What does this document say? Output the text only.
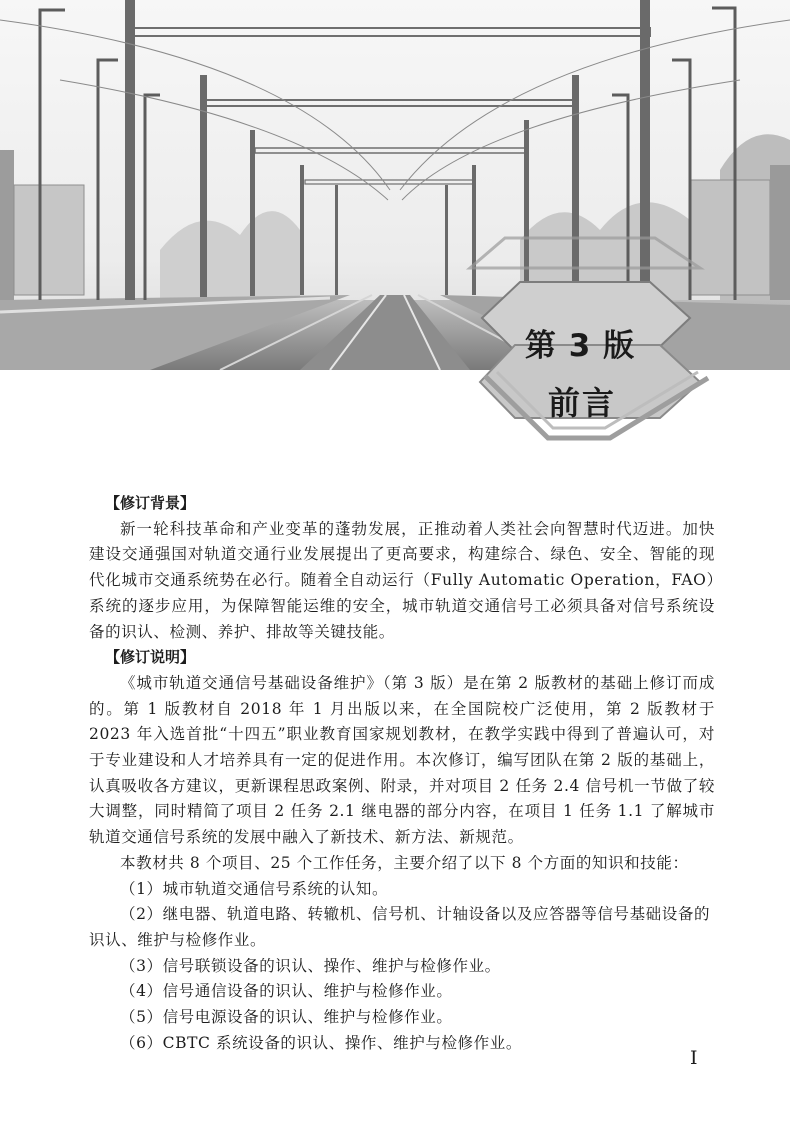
第 3 版
前言

【修订背景】

新一轮科技革命和产业变革的蓬勃发展，正推动着人类社会向智慧时代迈进。加快建设交通强国对轨道交通行业发展提出了更高要求，构建综合、绿色、安全、智能的现代化城市交通系统势在必行。随着全自动运行（Fully Automatic Operation，FAO）系统的逐步应用，为保障智能运维的安全，城市轨道交通信号工必须具备对信号系统设备的识认、检测、养护、排故等关键技能。

【修订说明】

《城市轨道交通信号基础设备维护》（第 3 版）是在第 2 版教材的基础上修订而成的。第 1 版教材自 2018 年 1 月出版以来，在全国院校广泛使用，第 2 版教材于 2023 年入选首批“十四五”职业教育国家规划教材，在教学实践中得到了普遍认可，对于专业建设和人才培养具有一定的促进作用。本次修订，编写团队在第 2 版的基础上，认真吸收各方建议，更新课程思政案例、附录，并对项目 2 任务 2.4 信号机一节做了较大调整，同时精简了项目 2 任务 2.1 继电器的部分内容，在项目 1 任务 1.1 了解城市轨道交通信号系统的发展中融入了新技术、新方法、新规范。

本教材共 8 个项目、25 个工作任务，主要介绍了以下 8 个方面的知识和技能：

（1）城市轨道交通信号系统的认知。

（2）继电器、轨道电路、转辙机、信号机、计轴设备以及应答器等信号基础设备的识认、维护与检修作业。

（3）信号联锁设备的识认、操作、维护与检修作业。

（4）信号通信设备的识认、维护与检修作业。

（5）信号电源设备的识认、维护与检修作业。

（6）CBTC 系统设备的识认、操作、维护与检修作业。

I
